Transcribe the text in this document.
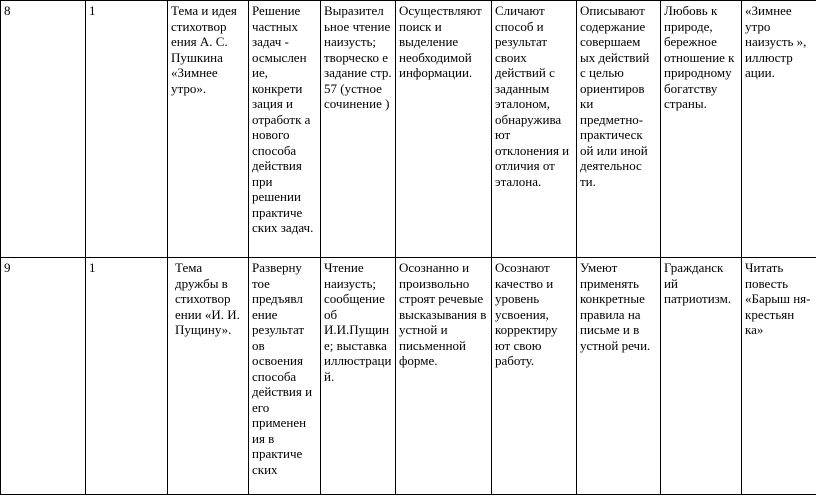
8	1	Тема и идея стихотвор ения А. С. Пушкина «Зимнее утро».	Решение частных задач - осмыслен ие, конкрети зация и отработк а нового способа действия при решении практиче ских задач.	Выразител ьное чтение наизусть; творческо е задание стр. 57 (устное сочинение )	Осуществляют поиск и выделение необходимой информации.	Сличают способ и результат своих действий с заданным эталоном, обнаружива ют отклонения и отличия от эталона.	Описывают содержание совершаем ых действий с целью ориентиров ки предметно- практическ ой или иной деятельнос ти.	Любовь к природе, бережное отношение к природному богатству страны.	«Зимнее утро наизусть », иллюстр ации.

9	1	Тема дружбы в стихотвор ении «И. И. Пущину».	Разверну тое предъявл ение результат ов освоения способа действия и его применен ия в практиче ских	Чтение наизусть; сообщение об И.И.Пущин е; выставка иллюстраци й.	Осознанно и произвольно строят речевые высказывания в устной и письменной форме.	Осознают качество и уровень усвоения, корректиру ют свою работу.	Умеют применять конкретные правила на письме и в устной речи.	Гражданск ий патриотизм.	Читать повесть «Барыш ня- крестьян ка»
